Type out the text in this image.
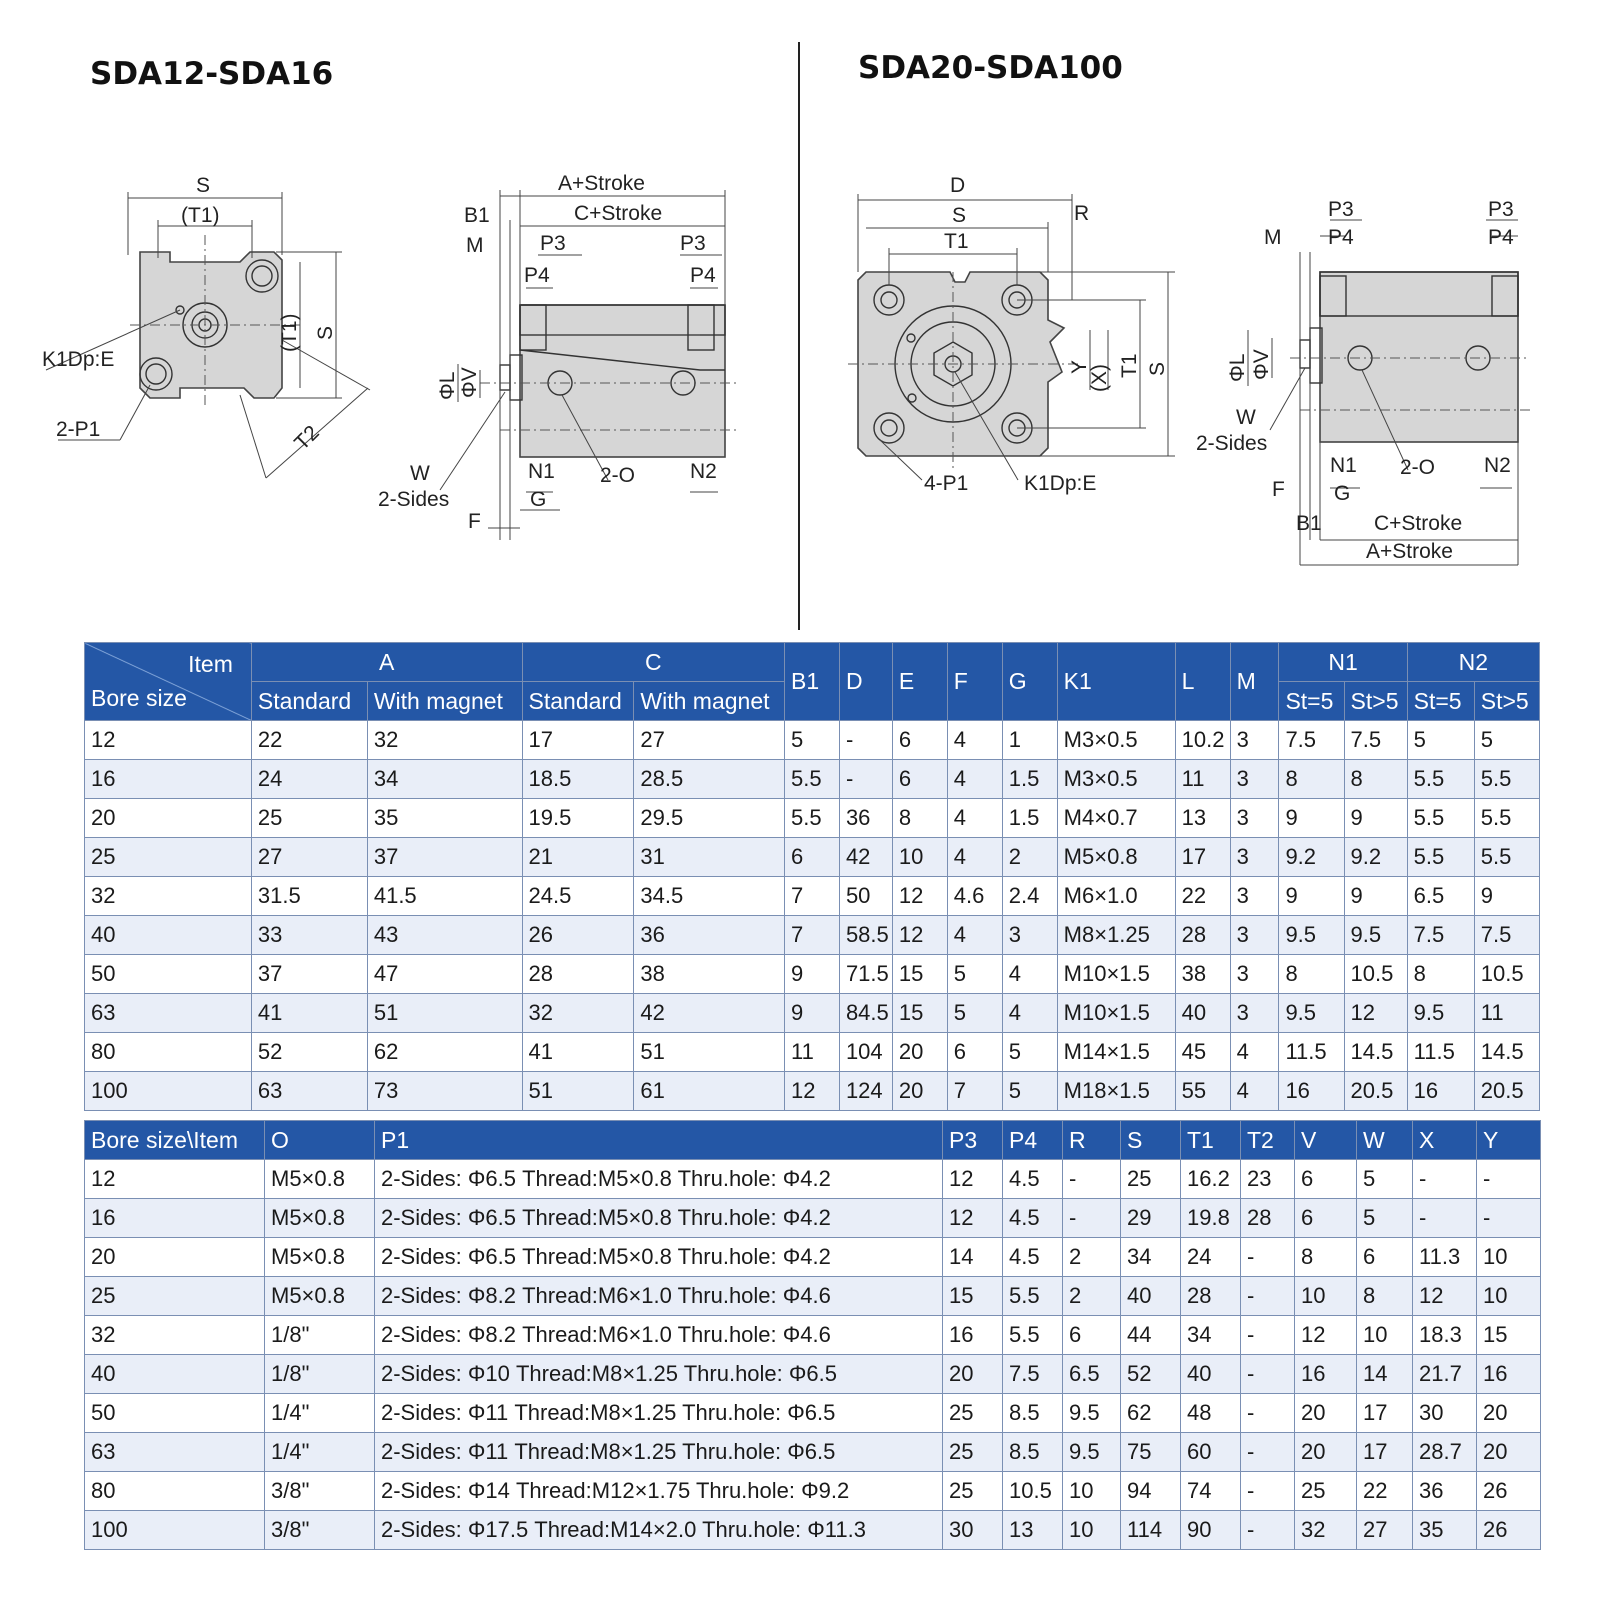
SDA12-SDA16	SDA20-SDA100
S
(T1)
(T1) S
T2
K1Dp:E
2-P1
A+Stroke
C+Stroke
B1
M	P3	P3
P4	P4
ΦL ΦV
W
2-Sides
N1	N2
G
2-O
F
D
S
T1
R
Y
(X) T1 S
4-P1	K1Dp:E
P3	P3
P4	P4
M
ΦL ΦV
W
2-Sides
N1	N2
G
2-O
F
B1 C+Stroke
A+Stroke
Item
Bore size	A		C		B1	D	E	F	G	K1	L	M	N1		N2	
	Standard	With magnet	Standard	With magnet									St=5	St>5	St=5	St>5
12	22	32	17	27	5	-	6	4	1	M3×0.5	10.2	3	7.5	7.5	5	5
16	24	34	18.5	28.5	5.5	-	6	4	1.5	M3×0.5	11	3	8	8	5.5	5.5
20	25	35	19.5	29.5	5.5	36	8	4	1.5	M4×0.7	13	3	9	9	5.5	5.5
25	27	37	21	31	6	42	10	4	2	M5×0.8	17	3	9.2	9.2	5.5	5.5
32	31.5	41.5	24.5	34.5	7	50	12	4.6	2.4	M6×1.0	22	3	9	9	6.5	9
40	33	43	26	36	7	58.5	12	4	3	M8×1.25	28	3	9.5	9.5	7.5	7.5
50	37	47	28	38	9	71.5	15	5	4	M10×1.5	38	3	8	10.5	8	10.5
63	41	51	32	42	9	84.5	15	5	4	M10×1.5	40	3	9.5	12	9.5	11
80	52	62	41	51	11	104	20	6	5	M14×1.5	45	4	11.5	14.5	11.5	14.5
100	63	73	51	61	12	124	20	7	5	M18×1.5	55	4	16	20.5	16	20.5
Bore size\Item	O	P1	P3	P4	R	S	T1	T2	V	W	X	Y
12	M5×0.8	2-Sides: Φ6.5 Thread:M5×0.8 Thru.hole: Φ4.2	12	4.5	-	25	16.2	23	6	5	-	-
16	M5×0.8	2-Sides: Φ6.5 Thread:M5×0.8 Thru.hole: Φ4.2	12	4.5	-	29	19.8	28	6	5	-	-
20	M5×0.8	2-Sides: Φ6.5 Thread:M5×0.8 Thru.hole: Φ4.2	14	4.5	2	34	24	-	8	6	11.3	10
25	M5×0.8	2-Sides: Φ8.2 Thread:M6×1.0 Thru.hole: Φ4.6	15	5.5	2	40	28	-	10	8	12	10
32	1/8"	2-Sides: Φ8.2 Thread:M6×1.0 Thru.hole: Φ4.6	16	5.5	6	44	34	-	12	10	18.3	15
40	1/8"	2-Sides: Φ10 Thread:M8×1.25 Thru.hole: Φ6.5	20	7.5	6.5	52	40	-	16	14	21.7	16
50	1/4"	2-Sides: Φ11 Thread:M8×1.25 Thru.hole: Φ6.5	25	8.5	9.5	62	48	-	20	17	30	20
63	1/4"	2-Sides: Φ11 Thread:M8×1.25 Thru.hole: Φ6.5	25	8.5	9.5	75	60	-	20	17	28.7	20
80	3/8"	2-Sides: Φ14 Thread:M12×1.75 Thru.hole: Φ9.2	25	10.5	10	94	74	-	25	22	36	26
100	3/8"	2-Sides: Φ17.5 Thread:M14×2.0 Thru.hole: Φ11.3	30	13	10	114	90	-	32	27	35	26
